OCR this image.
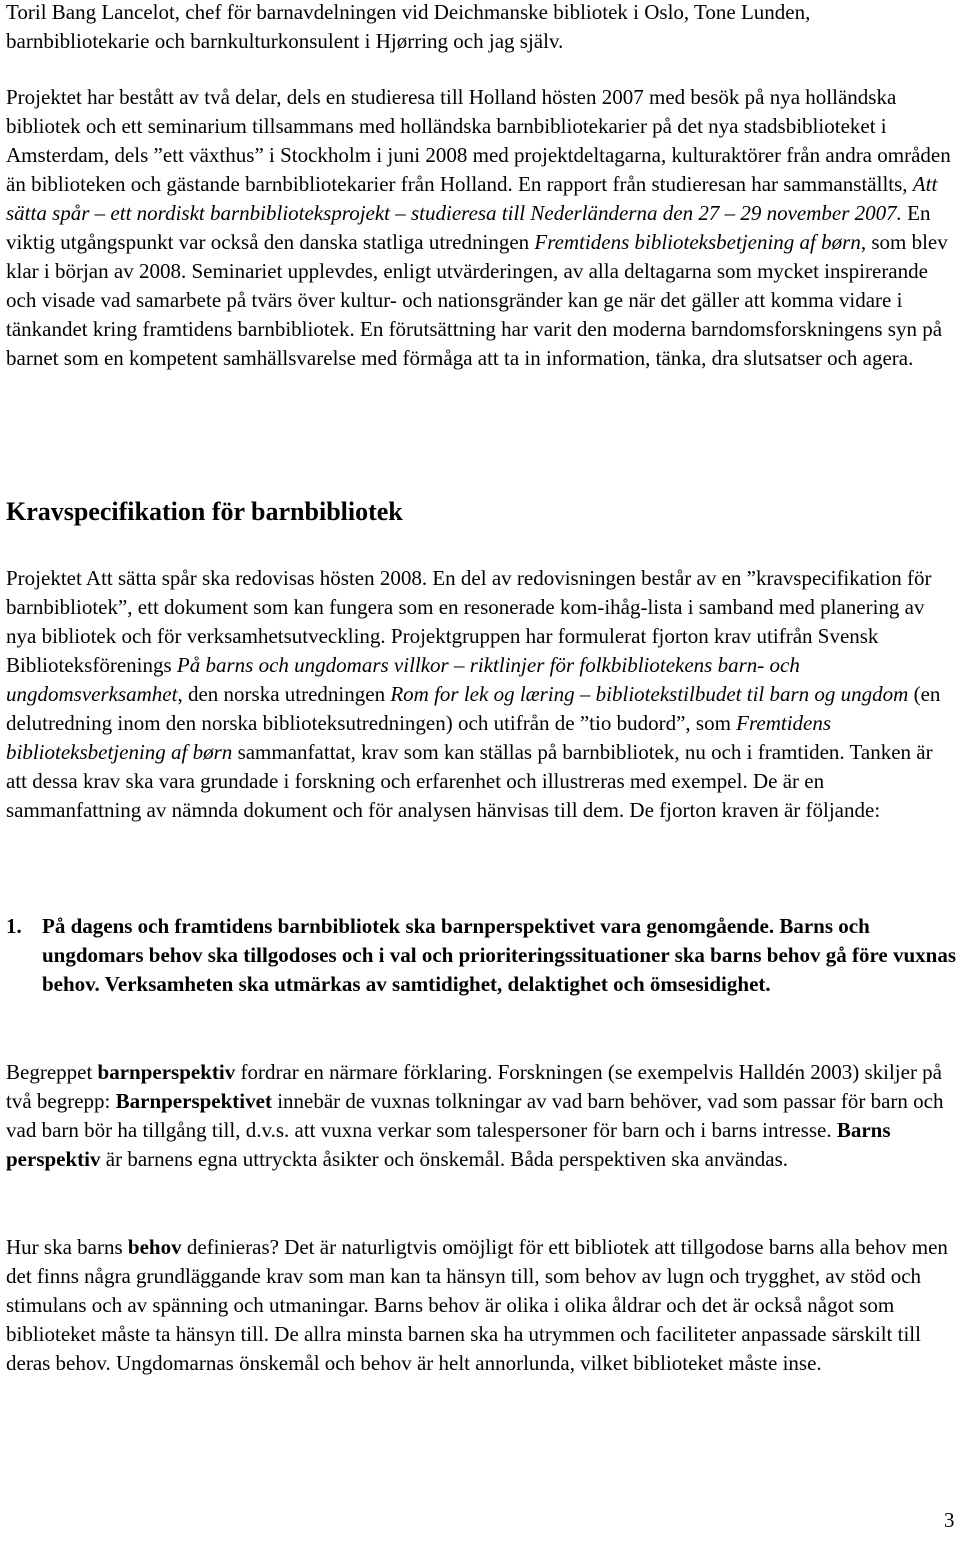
Toril Bang Lancelot, chef för barnavdelningen vid Deichmanske bibliotek i Oslo, Tone Lunden, barnbibliotekarie och barnkulturkonsulent i Hjørring och jag själv.

Projektet har bestått av två delar, dels en studieresa till Holland hösten 2007 med besök på nya holländska bibliotek och ett seminarium tillsammans med holländska barnbibliotekarier på det nya stadsbiblioteket i Amsterdam, dels ”ett växthus” i Stockholm i juni 2008 med projektdeltagarna, kulturaktörer från andra områden än biblioteken och gästande barnbibliotekarier från Holland. En rapport från studieresan har sammanställts, Att sätta spår – ett nordiskt barnbiblioteksprojekt – studieresa till Nederländerna den 27 – 29 november 2007. En viktig utgångspunkt var också den danska statliga utredningen Fremtidens biblioteksbetjening af børn, som blev klar i början av 2008. Seminariet upplevdes, enligt utvärderingen, av alla deltagarna som mycket inspirerande och visade vad samarbete på tvärs över kultur- och nationsgränder kan ge när det gäller att komma vidare i tänkandet kring framtidens barnbibliotek. En förutsättning har varit den moderna barndomsforskningens syn på barnet som en kompetent samhällsvarelse med förmåga att ta in information, tänka, dra slutsatser och agera.

Kravspecifikation för barnbibliotek

Projektet Att sätta spår ska redovisas hösten 2008. En del av redovisningen består av en ”kravspecifikation för barnbibliotek”, ett dokument som kan fungera som en resonerade kom-ihåg-lista i samband med planering av nya bibliotek och för verksamhetsutveckling. Projektgruppen har formulerat fjorton krav utifrån Svensk Biblioteksförenings På barns och ungdomars villkor – riktlinjer för folkbibliotekens barn- och ungdomsverksamhet, den norska utredningen Rom for lek og læring – bibliotekstilbudet til barn og ungdom (en delutredning inom den norska biblioteksutredningen) och utifrån de ”tio budord”, som Fremtidens biblioteksbetjening af børn sammanfattat, krav som kan ställas på barnbibliotek, nu och i framtiden. Tanken är att dessa krav ska vara grundade i forskning och erfarenhet och illustreras med exempel. De är en sammanfattning av nämnda dokument och för analysen hänvisas till dem. De fjorton kraven är följande:

1. På dagens och framtidens barnbibliotek ska barnperspektivet vara genomgående. Barns och ungdomars behov ska tillgodoses och i val och prioriteringssituationer ska barns behov gå före vuxnas behov. Verksamheten ska utmärkas av samtidighet, delaktighet och ömsesidighet.

Begreppet barnperspektiv fordrar en närmare förklaring. Forskningen (se exempelvis Halldén 2003) skiljer på två begrepp: Barnperspektivet innebär de vuxnas tolkningar av vad barn behöver, vad som passar för barn och vad barn bör ha tillgång till, d.v.s. att vuxna verkar som talespersoner för barn och i barns intresse. Barns perspektiv är barnens egna uttryckta åsikter och önskemål. Båda perspektiven ska användas.

Hur ska barns behov definieras? Det är naturligtvis omöjligt för ett bibliotek att tillgodose barns alla behov men det finns några grundläggande krav som man kan ta hänsyn till, som behov av lugn och trygghet, av stöd och stimulans och av spänning och utmaningar. Barns behov är olika i olika åldrar och det är också något som biblioteket måste ta hänsyn till. De allra minsta barnen ska ha utrymmen och faciliteter anpassade särskilt till deras behov. Ungdomarnas önskemål och behov är helt annorlunda, vilket biblioteket måste inse.

3
